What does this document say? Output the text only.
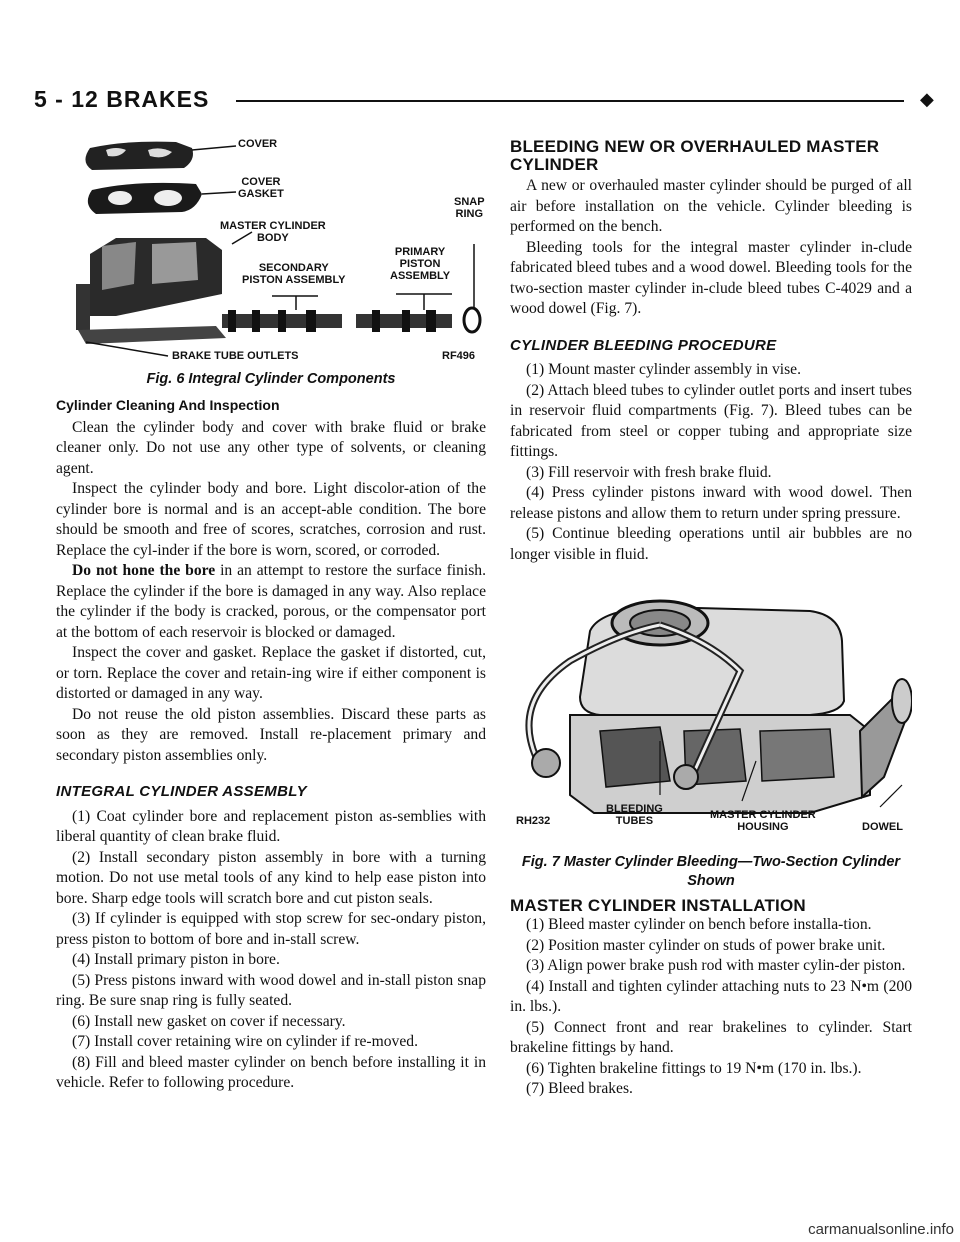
5 - 12 BRAKES	◆
COVER
COVER
GASKET
MASTER CYLINDER
BODY
SNAP
RING
PRIMARY
PISTON
ASSEMBLY
SECONDARY
PISTON ASSEMBLY
BRAKE TUBE OUTLETS	RF496
Fig. 6 Integral Cylinder Components
Cylinder Cleaning And Inspection

Clean the cylinder body and cover with brake fluid or brake cleaner only. Do not use any other type of solvents, or cleaning agent.

Inspect the cylinder body and bore. Light discolor-ation of the cylinder bore is normal and is an accept-able condition. The bore should be smooth and free of scores, scratches, corrosion and rust. Replace the cyl-inder if the bore is worn, scored, or corroded.

Do not hone the bore in an attempt to restore the surface finish. Replace the cylinder if the bore is damaged in any way. Also replace the cylinder if the body is cracked, porous, or the compensator port at the bottom of each reservoir is blocked or damaged.

Inspect the cover and gasket. Replace the gasket if distorted, cut, or torn. Replace the cover and retain-ing wire if either component is distorted or damaged in any way.

Do not reuse the old piston assemblies. Discard these parts as soon as they are removed. Install re-placement primary and secondary piston assemblies only.

INTEGRAL CYLINDER ASSEMBLY

(1) Coat cylinder bore and replacement piston as-semblies with liberal quantity of clean brake fluid.

(2) Install secondary piston assembly in bore with a turning motion. Do not use metal tools of any kind to help ease piston into bore. Sharp edge tools will scratch bore and cut piston seals.

(3) If cylinder is equipped with stop screw for sec-ondary piston, press piston to bottom of bore and in-stall screw.

(4) Install primary piston in bore.

(5) Press pistons inward with wood dowel and in-stall piston snap ring. Be sure snap ring is fully seated.

(6) Install new gasket on cover if necessary.

(7) Install cover retaining wire on cylinder if re-moved.

(8) Fill and bleed master cylinder on bench before installing it in vehicle. Refer to following procedure.

BLEEDING NEW OR OVERHAULED MASTER CYLINDER

A new or overhauled master cylinder should be purged of all air before installation on the vehicle. Cylinder bleeding is performed on the bench.

Bleeding tools for the integral master cylinder in-clude fabricated bleed tubes and a wood dowel. Bleeding tools for the two-section master cylinder in-clude bleed tubes C-4029 and a wood dowel (Fig. 7).

CYLINDER BLEEDING PROCEDURE

(1) Mount master cylinder assembly in vise.

(2) Attach bleed tubes to cylinder outlet ports and insert tubes in reservoir fluid compartments (Fig. 7). Bleed tubes can be fabricated from steel or copper tubing and appropriate size fittings.

(3) Fill reservoir with fresh brake fluid.

(4) Press cylinder pistons inward with wood dowel. Then release pistons and allow them to return under spring pressure.

(5) Continue bleeding operations until air bubbles are no longer visible in fluid.

RH232
BLEEDING
TUBES	MASTER CYLINDER
HOUSING	DOWEL
Fig. 7 Master Cylinder Bleeding—Two-Section Cylinder Shown
MASTER CYLINDER INSTALLATION

(1) Bleed master cylinder on bench before installa-tion.

(2) Position master cylinder on studs of power brake unit.

(3) Align power brake push rod with master cylin-der piston.

(4) Install and tighten cylinder attaching nuts to 23 N•m (200 in. lbs.).

(5) Connect front and rear brakelines to cylinder. Start brakeline fittings by hand.

(6) Tighten brakeline fittings to 19 N•m (170 in. lbs.).

(7) Bleed brakes.

carmanualsonline.info
